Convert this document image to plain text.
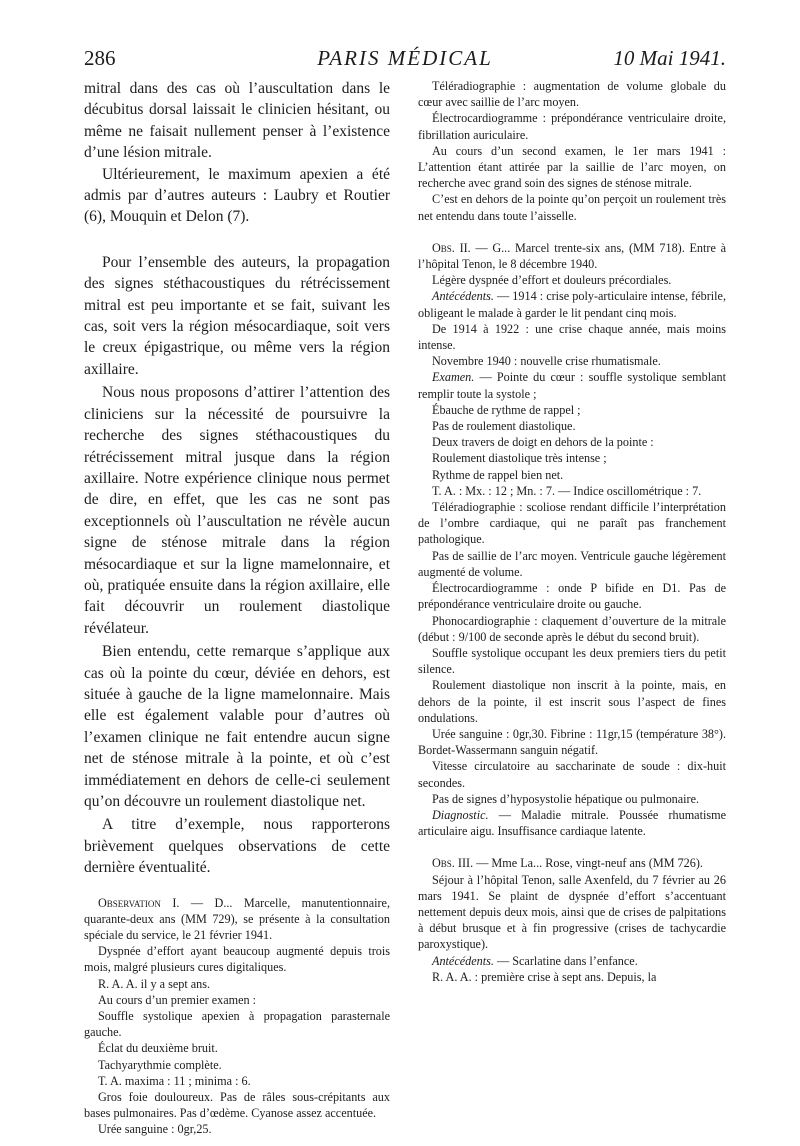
286	PARIS MÉDICAL	10 Mai 1941.

mitral dans des cas où l’auscultation dans le décubitus dorsal laissait le clinicien hésitant, ou même ne faisait nullement penser à l’existence d’une lésion mitrale.

Ultérieurement, le maximum apexien a été admis par d’autres auteurs : Laubry et Routier (6), Mouquin et Delon (7).

Pour l’ensemble des auteurs, la propagation des signes stéthacoustiques du rétrécissement mitral est peu importante et se fait, suivant les cas, soit vers la région mésocardiaque, soit vers le creux épigastrique, ou même vers la région axillaire.

Nous nous proposons d’attirer l’attention des cliniciens sur la nécessité de poursuivre la recherche des signes stéthacoustiques du rétrécissement mitral jusque dans la région axillaire. Notre expérience clinique nous permet de dire, en effet, que les cas ne sont pas exceptionnels où l’auscultation ne révèle aucun signe de sténose mitrale dans la région mésocardiaque et sur la ligne mamelonnaire, et où, pratiquée ensuite dans la région axillaire, elle fait découvrir un roulement diastolique révélateur.

Bien entendu, cette remarque s’applique aux cas où la pointe du cœur, déviée en dehors, est située à gauche de la ligne mamelonnaire. Mais elle est également valable pour d’autres où l’examen clinique ne fait entendre aucun signe net de sténose mitrale à la pointe, et où c’est immédiatement en dehors de celle-ci seulement qu’on découvre un roulement diastolique net.

A titre d’exemple, nous rapporterons brièvement quelques observations de cette dernière éventualité.

Observation I. — D... Marcelle, manutentionnaire, quarante-deux ans (MM 729), se présente à la consultation spéciale du service, le 21 février 1941.

Dyspnée d’effort ayant beaucoup augmenté depuis trois mois, malgré plusieurs cures digitaliques.

R. A. A. il y a sept ans.

Au cours d’un premier examen :

Souffle systolique apexien à propagation parasternale gauche.

Éclat du deuxième bruit.

Tachyarythmie complète.

T. A. maxima : 11 ; minima : 6.

Gros foie douloureux. Pas de râles sous-crépitants aux bases pulmonaires. Pas d’œdème. Cyanose assez accentuée.

Urée sanguine : 0gr,25.

Téléradiographie : augmentation de volume globale du cœur avec saillie de l’arc moyen.

Électrocardiogramme : prépondérance ventriculaire droite, fibrillation auriculaire.

Au cours d’un second examen, le 1er mars 1941 : L’attention étant attirée par la saillie de l’arc moyen, on recherche avec grand soin des signes de sténose mitrale.

C’est en dehors de la pointe qu’on perçoit un roulement très net entendu dans toute l’aisselle.

Obs. II. — G... Marcel trente-six ans, (MM 718). Entre à l’hôpital Tenon, le 8 décembre 1940.

Légère dyspnée d’effort et douleurs précordiales.

Antécédents. — 1914 : crise poly-articulaire intense, fébrile, obligeant le malade à garder le lit pendant cinq mois.

De 1914 à 1922 : une crise chaque année, mais moins intense.

Novembre 1940 : nouvelle crise rhumatismale.

Examen. — Pointe du cœur : souffle systolique semblant remplir toute la systole ;

Ébauche de rythme de rappel ;

Pas de roulement diastolique.

Deux travers de doigt en dehors de la pointe :

Roulement diastolique très intense ;

Rythme de rappel bien net.

T. A. : Mx. : 12 ; Mn. : 7. — Indice oscillométrique : 7.

Téléradiographie : scoliose rendant difficile l’interprétation de l’ombre cardiaque, qui ne paraît pas franchement pathologique.

Pas de saillie de l’arc moyen. Ventricule gauche légèrement augmenté de volume.

Électrocardiogramme : onde P bifide en D1. Pas de prépondérance ventriculaire droite ou gauche.

Phonocardiographie : claquement d’ouverture de la mitrale (début : 9/100 de seconde après le début du second bruit).

Souffle systolique occupant les deux premiers tiers du petit silence.

Roulement diastolique non inscrit à la pointe, mais, en dehors de la pointe, il est inscrit sous l’aspect de fines ondulations.

Urée sanguine : 0gr,30. Fibrine : 11gr,15 (température 38°). Bordet-Wassermann sanguin négatif.

Vitesse circulatoire au saccharinate de soude : dix-huit secondes.

Pas de signes d’hyposystolie hépatique ou pulmonaire.

Diagnostic. — Maladie mitrale. Poussée rhumatisme articulaire aigu. Insuffisance cardiaque latente.

Obs. III. — Mme La... Rose, vingt-neuf ans (MM 726).

Séjour à l’hôpital Tenon, salle Axenfeld, du 7 février au 26 mars 1941. Se plaint de dyspnée d’effort s’accentuant nettement depuis deux mois, ainsi que de crises de palpitations à début brusque et à fin progressive (crises de tachycardie paroxystique).

Antécédents. — Scarlatine dans l’enfance.

R. A. A. : première crise à sept ans. Depuis, la
